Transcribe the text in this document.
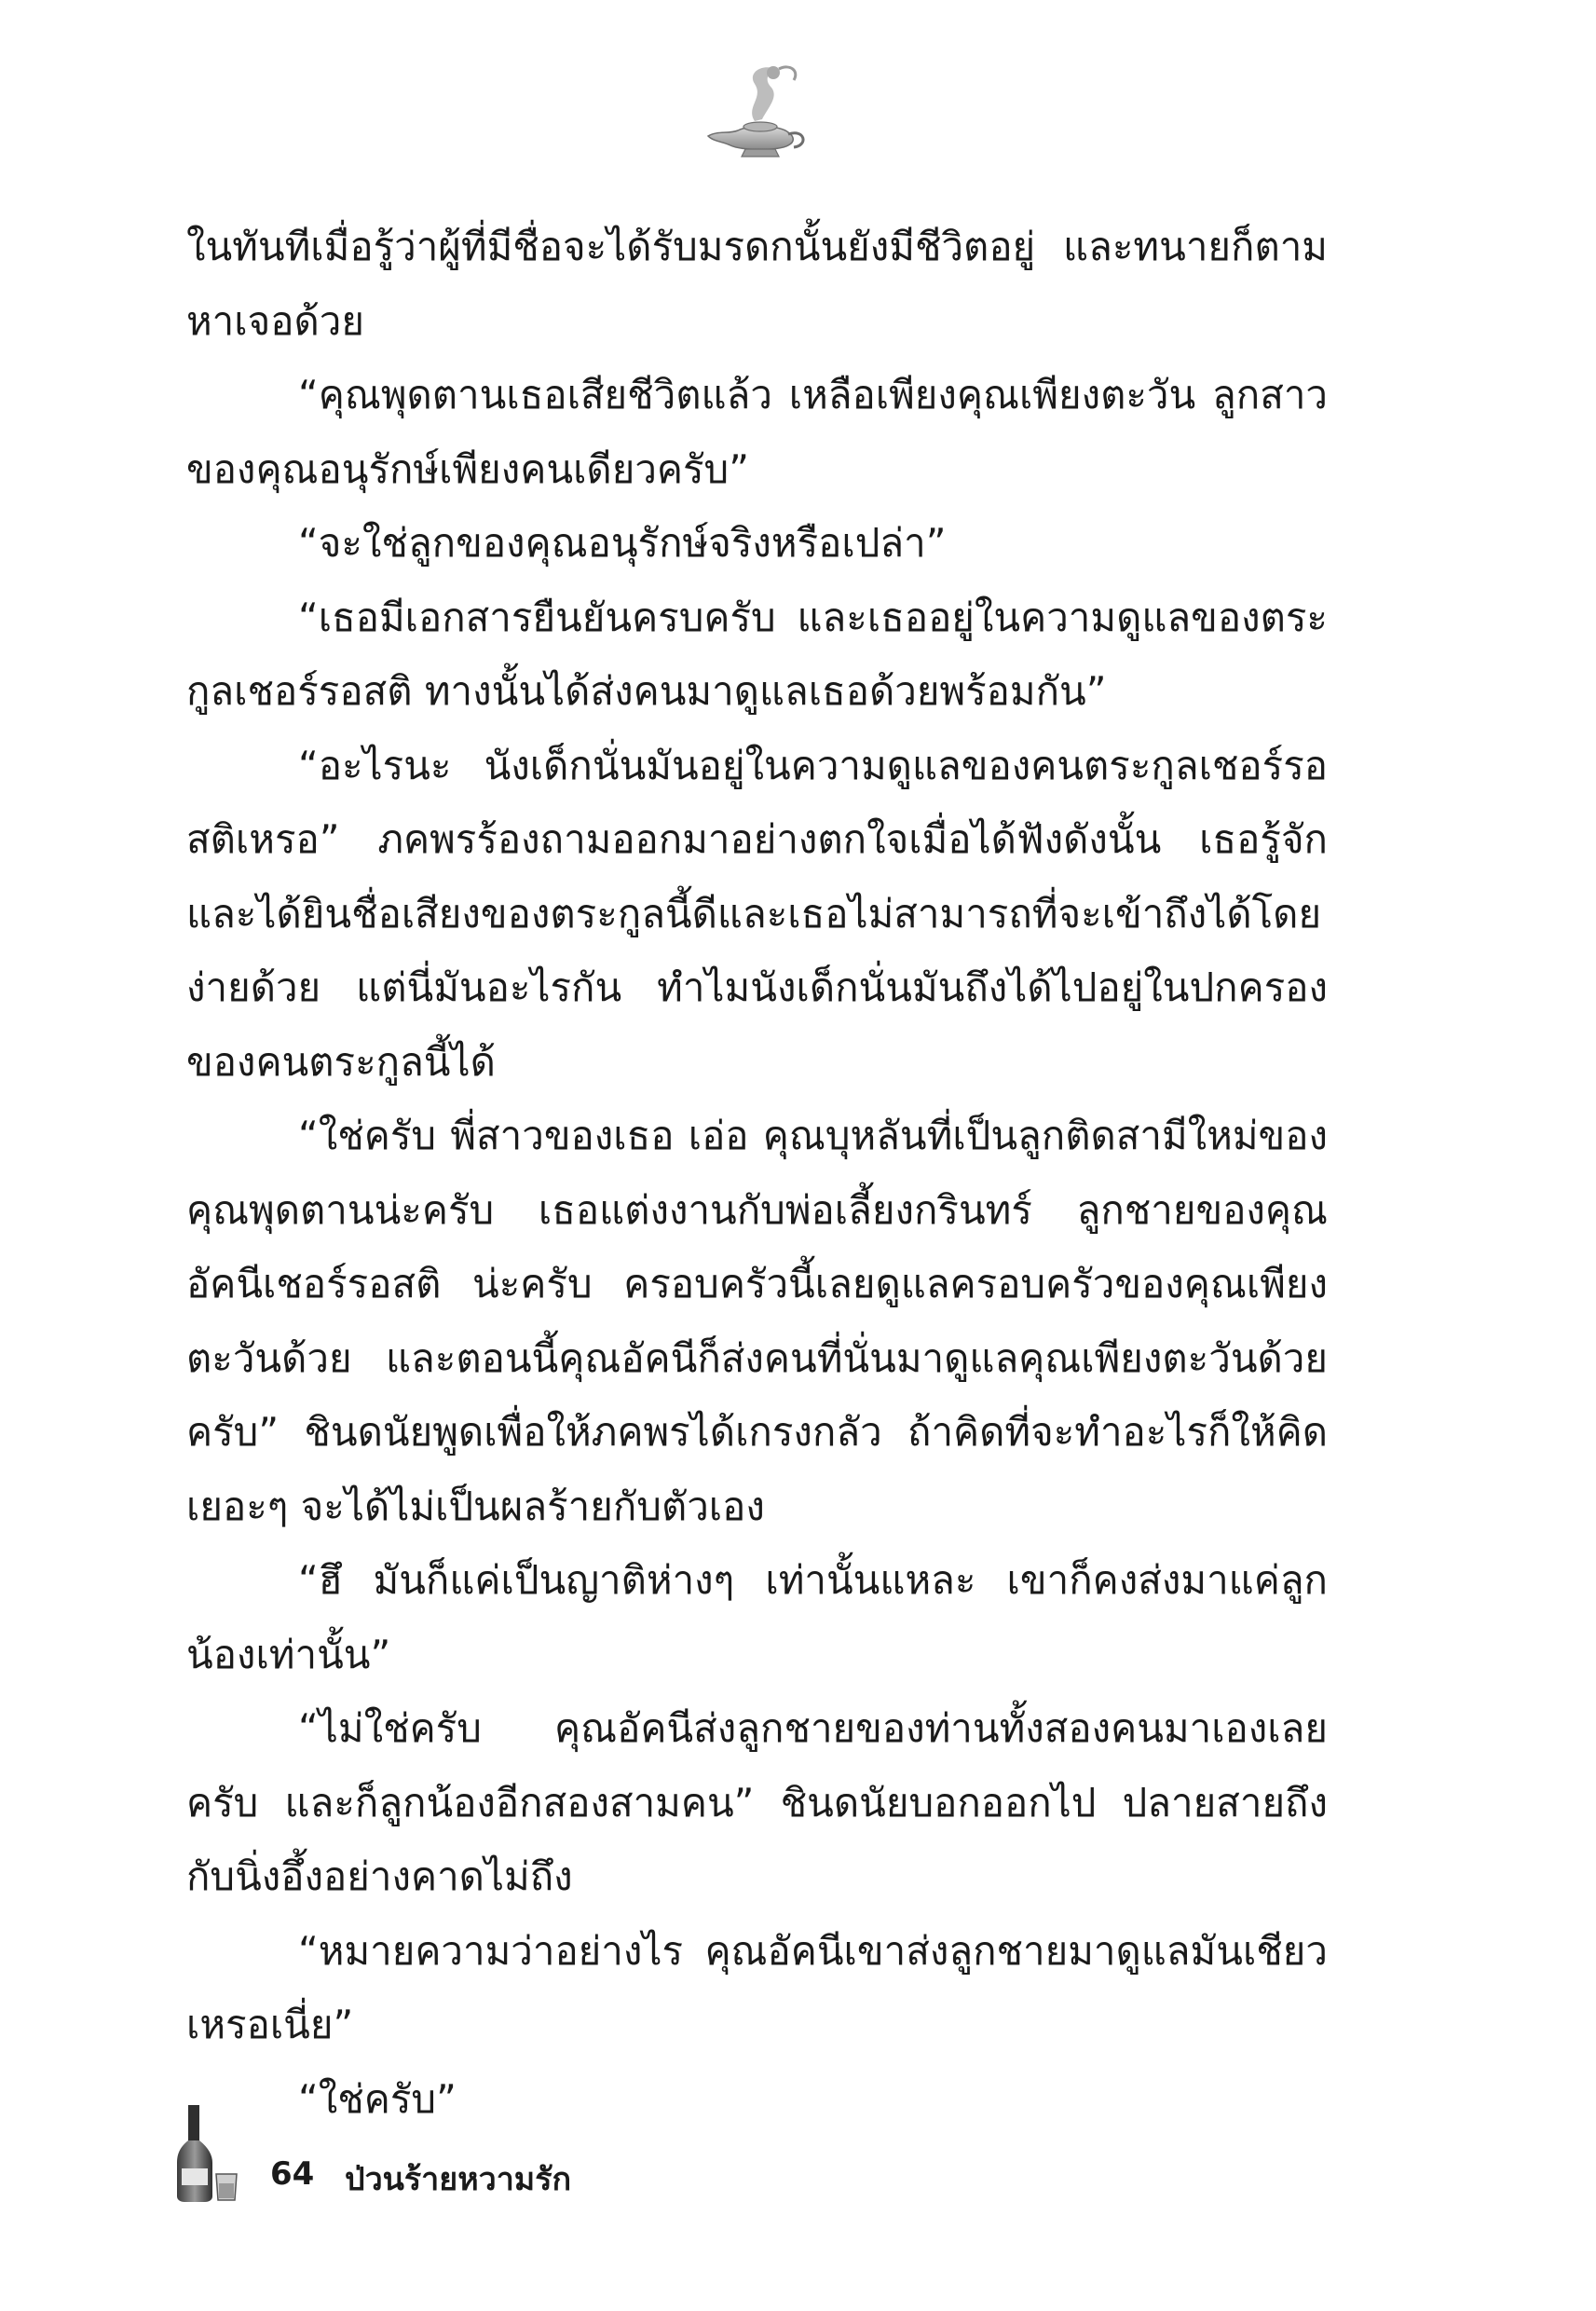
ในทันทีเมื่อรู้ว่าผู้ที่มีชื่อจะได้รับมรดกนั้นยังมีชีวิตอยู่ และทนายก็ตามหาเจอด้วย

“คุณพุดตานเธอเสียชีวิตแล้ว เหลือเพียงคุณเพียงตะวัน ลูกสาวของคุณอนุรักษ์เพียงคนเดียวครับ”

“จะใช่ลูกของคุณอนุรักษ์จริงหรือเปล่า”

“เธอมีเอกสารยืนยันครบครับ และเธออยู่ในความดูแลของตระกูลเชอร์รอสติ ทางนั้นได้ส่งคนมาดูแลเธอด้วยพร้อมกัน”

“อะไรนะ นังเด็กนั่นมันอยู่ในความดูแลของคนตระกูลเชอร์รอสติเหรอ” ภคพรร้องถามออกมาอย่างตกใจเมื่อได้ฟังดังนั้น เธอรู้จักและได้ยินชื่อเสียงของตระกูลนี้ดีและเธอไม่สามารถที่จะเข้าถึงได้โดยง่ายด้วย แต่นี่มันอะไรกัน ทำไมนังเด็กนั่นมันถึงได้ไปอยู่ในปกครองของคนตระกูลนี้ได้

“ใช่ครับ พี่สาวของเธอ เอ่อ คุณบุหลันที่เป็นลูกติดสามีใหม่ของคุณพุดตานน่ะครับ เธอแต่งงานกับพ่อเลี้ยงกรินทร์ ลูกชายของคุณอัคนีเชอร์รอสติ น่ะครับ ครอบครัวนี้เลยดูแลครอบครัวของคุณเพียงตะวันด้วย และตอนนี้คุณอัคนีก็ส่งคนที่นั่นมาดูแลคุณเพียงตะวันด้วยครับ” ชินดนัยพูดเพื่อให้ภคพรได้เกรงกลัว ถ้าคิดที่จะทำอะไรก็ให้คิดเยอะๆ จะได้ไม่เป็นผลร้ายกับตัวเอง

“ฮึ มันก็แค่เป็นญาติห่างๆ เท่านั้นแหละ เขาก็คงส่งมาแค่ลูกน้องเท่านั้น”

“ไม่ใช่ครับ คุณอัคนีส่งลูกชายของท่านทั้งสองคนมาเองเลยครับ และก็ลูกน้องอีกสองสามคน” ชินดนัยบอกออกไป ปลายสายถึงกับนิ่งอึ้งอย่างคาดไม่ถึง

“หมายความว่าอย่างไร คุณอัคนีเขาส่งลูกชายมาดูแลมันเชียวเหรอเนี่ย”

“ใช่ครับ”

64 ป่วนร้ายหวามรัก
